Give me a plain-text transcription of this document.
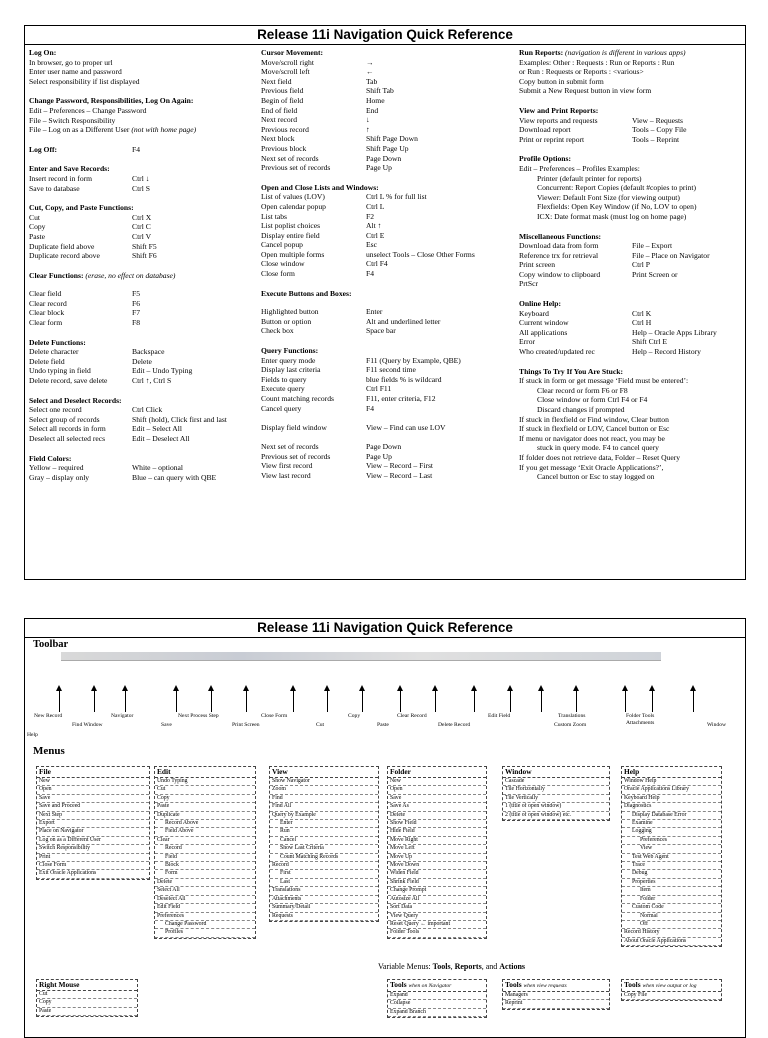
Release 11i Navigation Quick Reference
Log On:
In browser, go to proper url
Enter user name and password
Select responsibility if list displayed
Change Password, Responsibilities, Log On Again:
Edit – Preferences – Change Password
File – Switch Responsibility
File – Log on as a Different User (not with home page)
Log Off:	F4
Enter and Save Records:
Insert record in form	Ctrl ↓
Save to database	Ctrl S
Cut, Copy, and Paste Functions:
Cut	Ctrl X
Copy	Ctrl C
Paste	Ctrl V
Duplicate field above	Shift F5
Duplicate record above	Shift F6
Clear Functions: (erase, no effect on database)
Clear field	F5
Clear record	F6
Clear block	F7
Clear form	F8
Delete Functions:
Delete character	Backspace
Delete field	Delete
Undo typing in field	Edit – Undo Typing
Delete record, save delete	Ctrl ↑, Ctrl S
Select and Deselect Records:
Select one record	Ctrl Click
Select group of records	Shift (hold), Click first and last
Select all records in form	Edit – Select All
Deselect all selected recs	Edit – Deselect All
Field Colors:
Yellow – required	White – optional
Gray – display only	Blue – can query with QBE
Cursor Movement:
Move/scroll right	→
Move/scroll left	←
Next field	Tab
Previous field	Shift Tab
Begin of field	Home
End of field	End
Next record	↓
Previous record	↑
Next block	Shift Page Down
Previous block	Shift Page Up
Next set of records	Page Down
Previous set of records	Page Up
Open and Close Lists and Windows:
List of values (LOV)	Ctrl L % for full list
Open calendar popup	Ctrl L
List tabs	F2
List poplist choices	Alt ↑
Display entire field	Ctrl E
Cancel popup	Esc
Open multiple forms	unselect Tools – Close Other Forms
Close window	Ctrl F4
Close form	F4
Execute Buttons and Boxes:
Highlighted button	Enter
Button or option	Alt and underlined letter
Check box	Space bar
Query Functions:
Enter query mode	F11 (Query by Example, QBE)
Display last criteria	F11 second time
Fields to query	blue fields % is wildcard
Execute query	Ctrl F11
Count matching records	F11, enter criteria, F12
Cancel query	F4
Display field window	View – Find can use LOV
Next set of records	Page Down
Previous set of records	Page Up
View first record	View – Record – First
View last record	View – Record – Last
Run Reports: (navigation is different in various apps)
Examples: Other : Requests : Run or Reports : Run
or Run : Requests or Reports : <various>
Copy button in submit form
Submit a New Request button in view form
View and Print Reports:
View reports and requests	View – Requests
Download report	Tools – Copy File
Print or reprint report	Tools – Reprint
Profile Options:
Edit – Preferences – Profiles Examples:
Printer (default printer for reports)
Concurrent: Report Copies (default #copies to print)
Viewer: Default Font Size (for viewing output)
Flexfields: Open Key Window (if No, LOV to open)
ICX: Date format mask (must log on home page)
Miscellaneous Functions:
Download data from form	File – Export
Reference trx for retrieval	File – Place on Navigator
Print screen	Ctrl P
Copy window to clipboard	Print Screen or
PrtScr
Online Help:
Keyboard	Ctrl K
Current window	Ctrl H
All applications	Help – Oracle Apps Library
Error	Shift Ctrl E
Who created/updated rec	Help – Record History
Things To Try If You Are Stuck:
If stuck in form or get message ‘Field must be entered’:
Clear record or form F6 or F8
Close window or form Ctrl F4 or F4
Discard changes if prompted
If stuck in flexfield or Find window, Clear button
If stuck in flexfield or LOV, Cancel button or Esc
If menu or navigator does not react, you may be
stuck in query mode. F4 to cancel query
If folder does not retrieve data, Folder – Reset Query
If you get message ‘Exit Oracle Applications?’,
Cancel button or Esc to stay logged on
Release 11i Navigation Quick Reference
Toolbar
New Record
Find Window
Navigator
Save
Next Process Step
Print Screen
Close Form
Cut
Copy
Paste
Clear Record
Delete Record
Edit Field
Custom Zoom
Translations	Folder Tools
Attachments	Window
Help
Menus
File
New
Open
Save
Save and Proceed
Next Step
Export
Place on Navigator
Log on as a Different User
Switch Responsibility
Print
Close Form
Exit Oracle Applications
Edit
Undo Typing
Cut
Copy
Paste
Duplicate
Record Above
Field Above
Clear
Record
Field
Block
Form
Delete
Select All
Deselect All
Edit Field
Preferences
Change Password
Profiles
View
Show Navigator
Zoom
Find
Find All
Query by Example
Enter
Run
Cancel
Show Last Criteria
Count Matching Records
Record
First
Last
Translations
Attachments
Summary/Detail
Requests
Folder
New
Open
Save
Save As
Delete
Show Field
Hide Field
Move Right
Move Left
Move Up
Move Down
Widen Field
Shrink Field
Change Prompt
Autosize All
Sort Data
View Query
Reset Query ← important
Folder Tools
Window
Cascade
Tile Horizontally
Tile Vertically
1 (title of open window)
2 (title of open window) etc.
Help
Window Help
Oracle Applications Library
Keyboard Help
Diagnostics
Display Database Error
Examine
Logging
Preferences
View
Test Web Agent
Trace
Debug
Properties
Item
Folder
Custom Code
Normal
Off
Record History
About Oracle Applications
Variable Menus: Tools, Reports, and Actions
Right Mouse
Cut
Copy
Paste
Tools when on Navigator
Expand
Collapse
Expand Branch
Tools when view requests
Managers
Reprint
Tools when view output or log
Copy File
